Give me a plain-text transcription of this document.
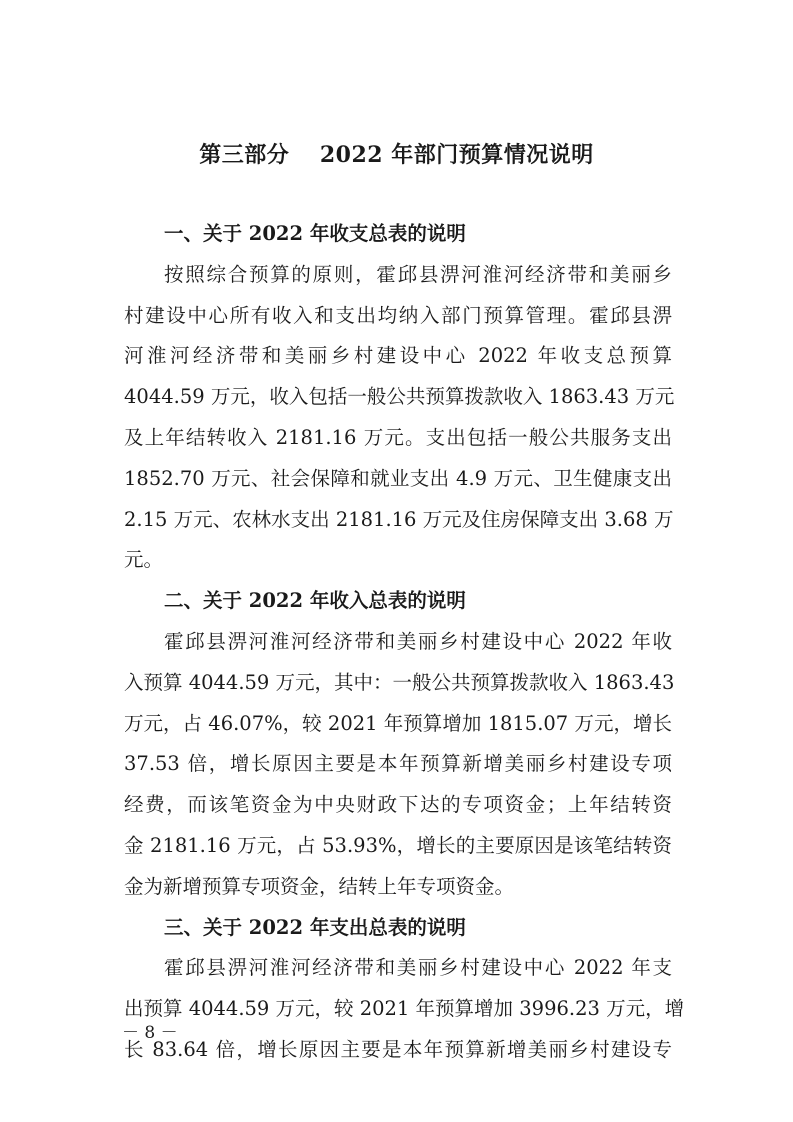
第三部分　 2022 年部门预算情况说明
一、关于 2022 年收支总表的说明
按照综合预算的原则，霍邱县淠河淮河经济带和美丽乡
村建设中心所有收入和支出均纳入部门预算管理。霍邱县淠
河淮河经济带和美丽乡村建设中心 2022 年收支总预算
4044.59 万元，收入包括一般公共预算拨款收入 1863.43 万元
及上年结转收入 2181.16 万元。支出包括一般公共服务支出
1852.70 万元、社会保障和就业支出 4.9 万元、卫生健康支出
2.15 万元、农林水支出 2181.16 万元及住房保障支出 3.68 万
元。
二、关于 2022 年收入总表的说明
霍邱县淠河淮河经济带和美丽乡村建设中心 2022 年收
入预算 4044.59 万元，其中：一般公共预算拨款收入 1863.43
万元，占 46.07%，较 2021 年预算增加 1815.07 万元，增长
37.53 倍，增长原因主要是本年预算新增美丽乡村建设专项
经费，而该笔资金为中央财政下达的专项资金；上年结转资
金 2181.16 万元，占 53.93%，增长的主要原因是该笔结转资
金为新增预算专项资金，结转上年专项资金。
三、关于 2022 年支出总表的说明
霍邱县淠河淮河经济带和美丽乡村建设中心 2022 年支
出预算 4044.59 万元，较 2021 年预算增加 3996.23 万元，增
长 83.64 倍，增长原因主要是本年预算新增美丽乡村建设专
－ 8 －
